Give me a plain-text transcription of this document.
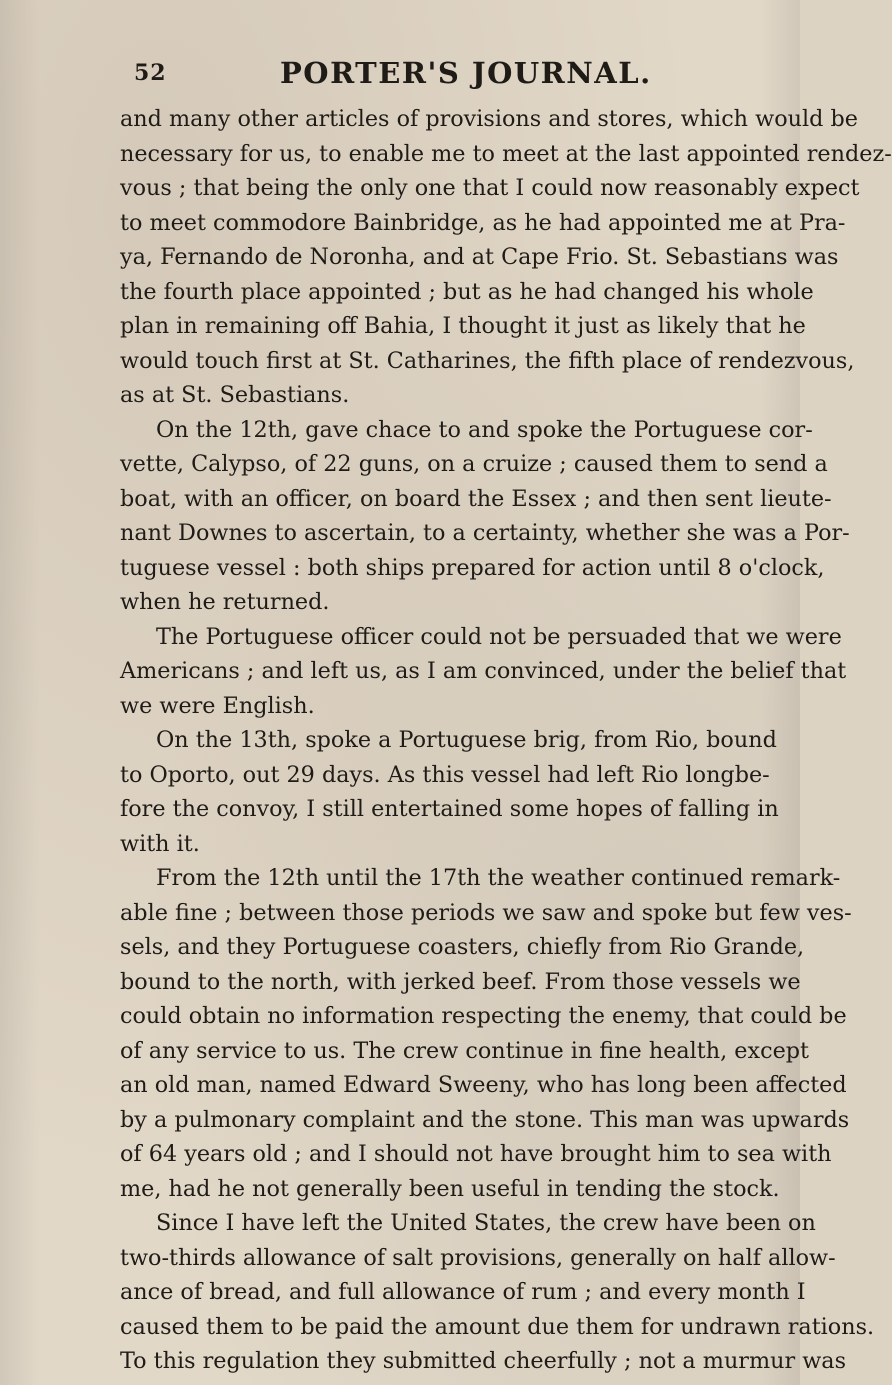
52	PORTER'S JOURNAL.

and many other articles of provisions and stores, which would be
necessary for us, to enable me to meet at the last appointed rendez-
vous ; that being the only one that I could now reasonably expect
to meet commodore Bainbridge, as he had appointed me at Pra-
ya, Fernando de Noronha, and at Cape Frio. St. Sebastians was
the fourth place appointed ; but as he had changed his whole
plan in remaining off Bahia, I thought it just as likely that he
would touch first at St. Catharines, the fifth place of rendezvous,
as at St. Sebastians.

On the 12th, gave chace to and spoke the Portuguese cor-
vette, Calypso, of 22 guns, on a cruize ; caused them to send a
boat, with an officer, on board the Essex ; and then sent lieute-
nant Downes to ascertain, to a certainty, whether she was a Por-
tuguese vessel : both ships prepared for action until 8 o'clock,
when he returned.

The Portuguese officer could not be persuaded that we were
Americans ; and left us, as I am convinced, under the belief that
we were English.

On the 13th, spoke a Portuguese brig, from Rio, bound
to Oporto, out 29 days. As this vessel had left Rio longbe-
fore the convoy, I still entertained some hopes of falling in
with it.

From the 12th until the 17th the weather continued remark-
able fine ; between those periods we saw and spoke but few ves-
sels, and they Portuguese coasters, chiefly from Rio Grande,
bound to the north, with jerked beef. From those vessels we
could obtain no information respecting the enemy, that could be
of any service to us. The crew continue in fine health, except
an old man, named Edward Sweeny, who has long been affected
by a pulmonary complaint and the stone. This man was upwards
of 64 years old ; and I should not have brought him to sea with
me, had he not generally been useful in tending the stock.

Since I have left the United States, the crew have been on
two-thirds allowance of salt provisions, generally on half allow-
ance of bread, and full allowance of rum ; and every month I
caused them to be paid the amount due them for undrawn rations.
To this regulation they submitted cheerfully ; not a murmur was
